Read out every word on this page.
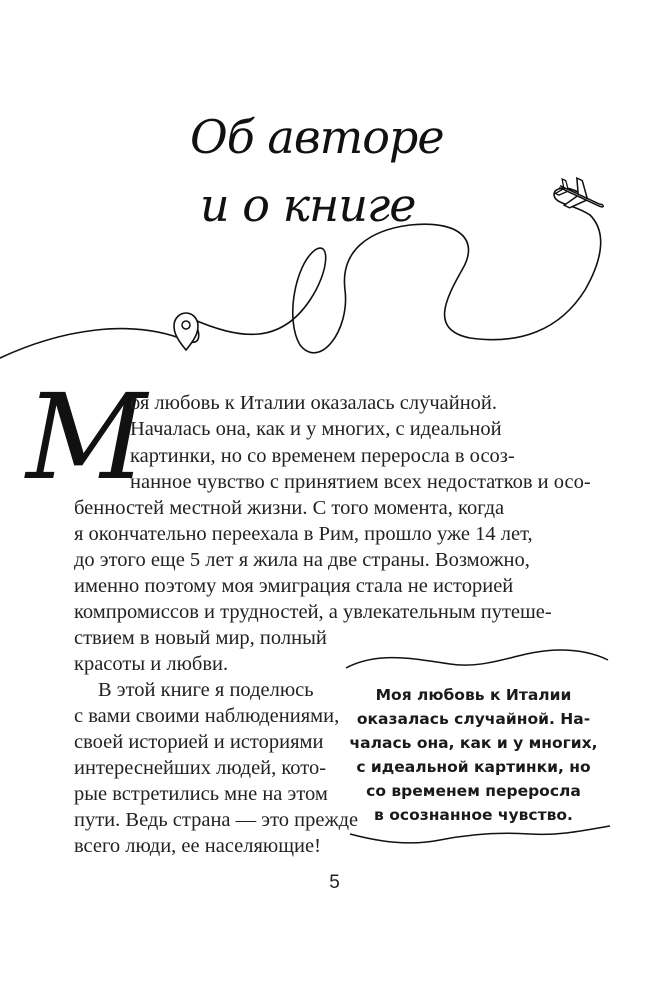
Об авторе
и о книге
М
оя любовь к Италии оказалась случайной.
Началась она, как и у многих, с идеальной
картинки, но со временем переросла в осоз-
нанное чувство с принятием всех недостатков и осо-
бенностей местной жизни. С того момента, когда
я окончательно переехала в Рим, прошло уже 14 лет,
до этого еще 5 лет я жила на две страны. Возможно,
именно поэтому моя эмиграция стала не историей
компромиссов и трудностей, а увлекательным путеше-
ствием в новый мир, полный
красоты и любви.
В этой книге я поделюсь
с вами своими наблюдениями,
своей историей и историями
интереснейших людей, кото-
рые встретились мне на этом
пути. Ведь страна — это прежде
всего люди, ее населяющие!
Моя любовь к Италии
оказалась случайной. На-
чалась она, как и у многих,
с идеальной картинки, но
со временем переросла
в осознанное чувство.
5
